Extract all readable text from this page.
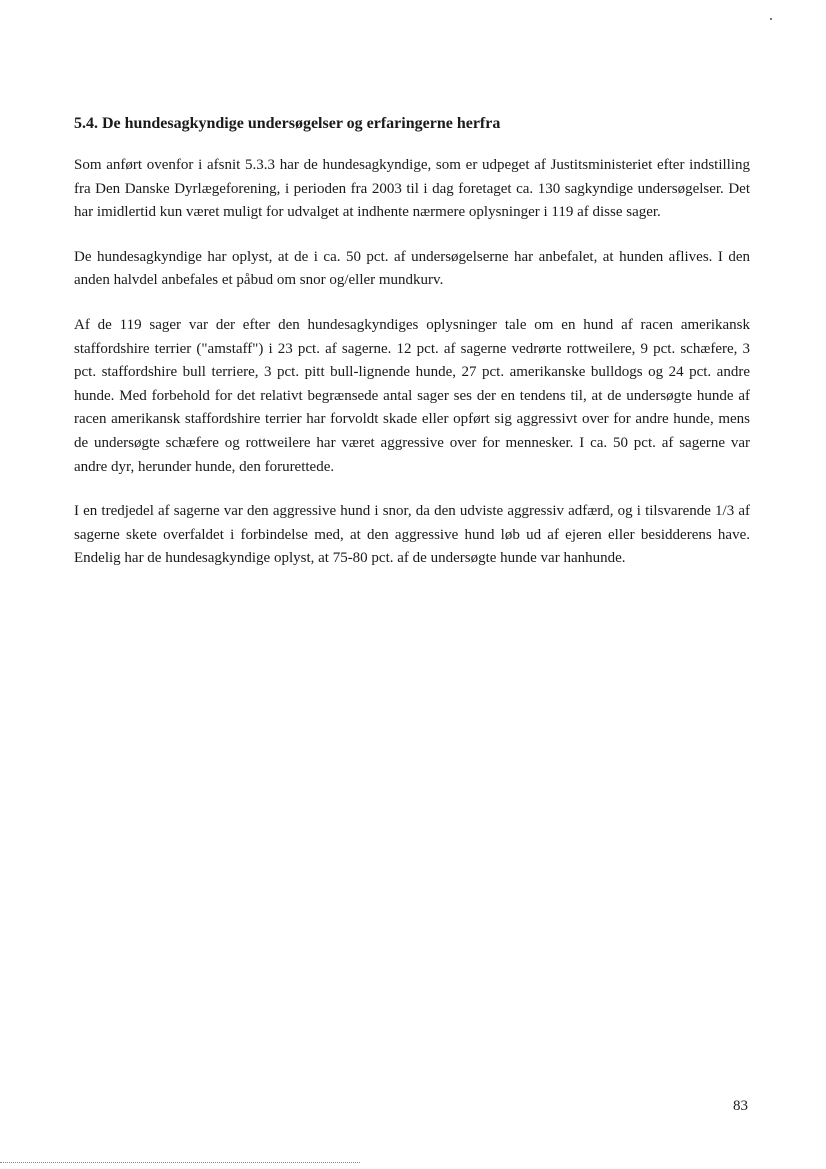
5.4. De hundesagkyndige undersøgelser og erfaringerne herfra

Som anført ovenfor i afsnit 5.3.3 har de hundesagkyndige, som er udpeget af Justitsministeriet efter indstilling fra Den Danske Dyrlægeforening, i perioden fra 2003 til i dag foretaget ca. 130 sagkyndige undersøgelser. Det har imidlertid kun været muligt for udvalget at indhente nærmere oplysninger i 119 af disse sager.

De hundesagkyndige har oplyst, at de i ca. 50 pct. af undersøgelserne har anbefalet, at hunden aflives. I den anden halvdel anbefales et påbud om snor og/eller mundkurv.

Af de 119 sager var der efter den hundesagkyndiges oplysninger tale om en hund af racen amerikansk staffordshire terrier ("amstaff") i 23 pct. af sagerne. 12 pct. af sagerne vedrørte rottweilere, 9 pct. schæfere, 3 pct. staffordshire bull terriere, 3 pct. pitt bull-lignende hunde, 27 pct. amerikanske bulldogs og 24 pct. andre hunde. Med forbehold for det relativt begrænsede antal sager ses der en tendens til, at de undersøgte hunde af racen amerikansk staffordshire terrier har forvoldt skade eller opført sig aggressivt over for andre hunde, mens de undersøgte schæfere og rottweilere har været aggressive over for mennesker. I ca. 50 pct. af sagerne var andre dyr, herunder hunde, den forurettede.

I en tredjedel af sagerne var den aggressive hund i snor, da den udviste aggressiv adfærd, og i tilsvarende 1/3 af sagerne skete overfaldet i forbindelse med, at den aggressive hund løb ud af ejeren eller besidderens have. Endelig har de hundesagkyndige oplyst, at 75-80 pct. af de undersøgte hunde var hanhunde.

83
